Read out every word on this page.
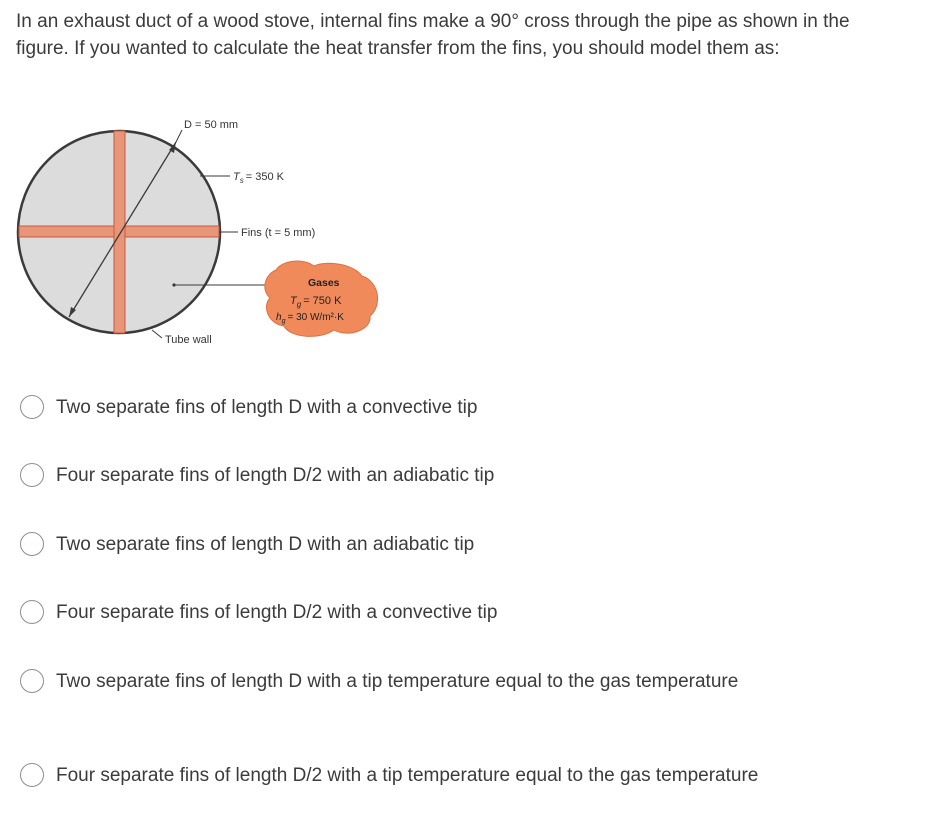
In an exhaust duct of a wood stove, internal fins make a 90° cross through the pipe as shown in the figure. If you wanted to calculate the heat transfer from the fins, you should model them as:

D = 50 mm
$T_s = 350$ K
Fins (t = 5 mm)
Tube wall
Gases
$T_g = 750$ K
$h_g = 30$ W/m²·K
Two separate fins of length D with a convective tip
Four separate fins of length D/2 with an adiabatic tip
Two separate fins of length D with an adiabatic tip
Four separate fins of length D/2 with a convective tip
Two separate fins of length D with a tip temperature equal to the gas temperature
Four separate fins of length D/2 with a tip temperature equal to the gas temperature
